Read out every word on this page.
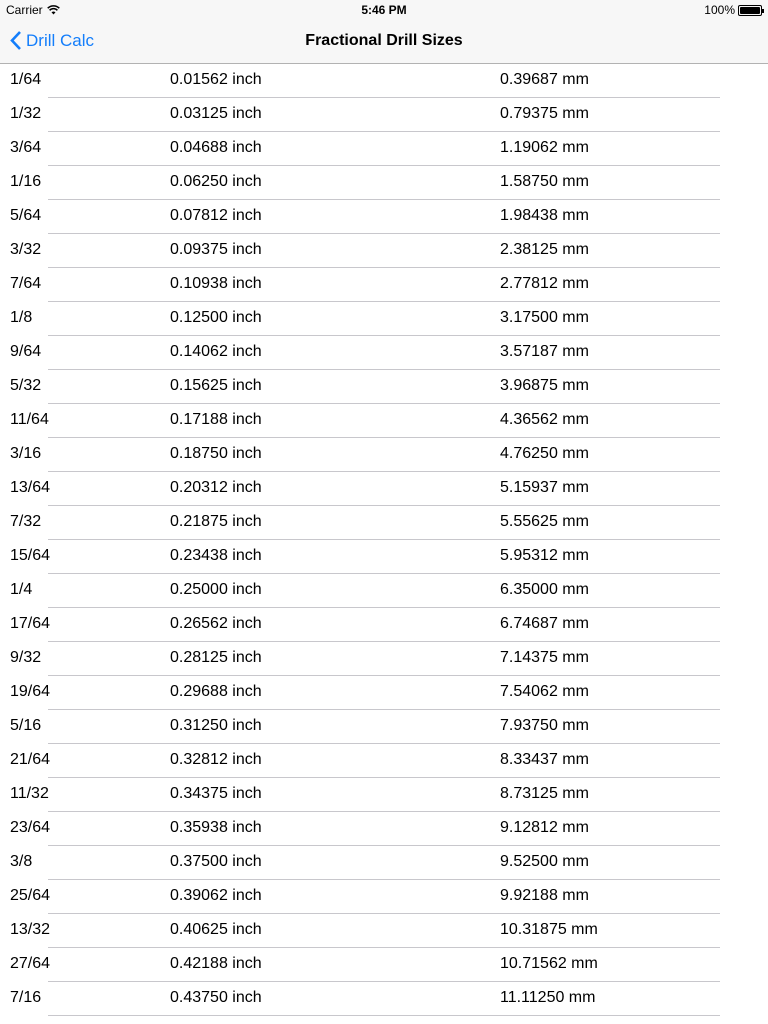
Carrier	5:46 PM	100%
Drill Calc	Fractional Drill Sizes
1/64	0.01562 inch	0.39687 mm
1/32	0.03125 inch	0.79375 mm
3/64	0.04688 inch	1.19062 mm
1/16	0.06250 inch	1.58750 mm
5/64	0.07812 inch	1.98438 mm
3/32	0.09375 inch	2.38125 mm
7/64	0.10938 inch	2.77812 mm
1/8	0.12500 inch	3.17500 mm
9/64	0.14062 inch	3.57187 mm
5/32	0.15625 inch	3.96875 mm
11/64	0.17188 inch	4.36562 mm
3/16	0.18750 inch	4.76250 mm
13/64	0.20312 inch	5.15937 mm
7/32	0.21875 inch	5.55625 mm
15/64	0.23438 inch	5.95312 mm
1/4	0.25000 inch	6.35000 mm
17/64	0.26562 inch	6.74687 mm
9/32	0.28125 inch	7.14375 mm
19/64	0.29688 inch	7.54062 mm
5/16	0.31250 inch	7.93750 mm
21/64	0.32812 inch	8.33437 mm
11/32	0.34375 inch	8.73125 mm
23/64	0.35938 inch	9.12812 mm
3/8	0.37500 inch	9.52500 mm
25/64	0.39062 inch	9.92188 mm
13/32	0.40625 inch	10.31875 mm
27/64	0.42188 inch	10.71562 mm
7/16	0.43750 inch	11.11250 mm
